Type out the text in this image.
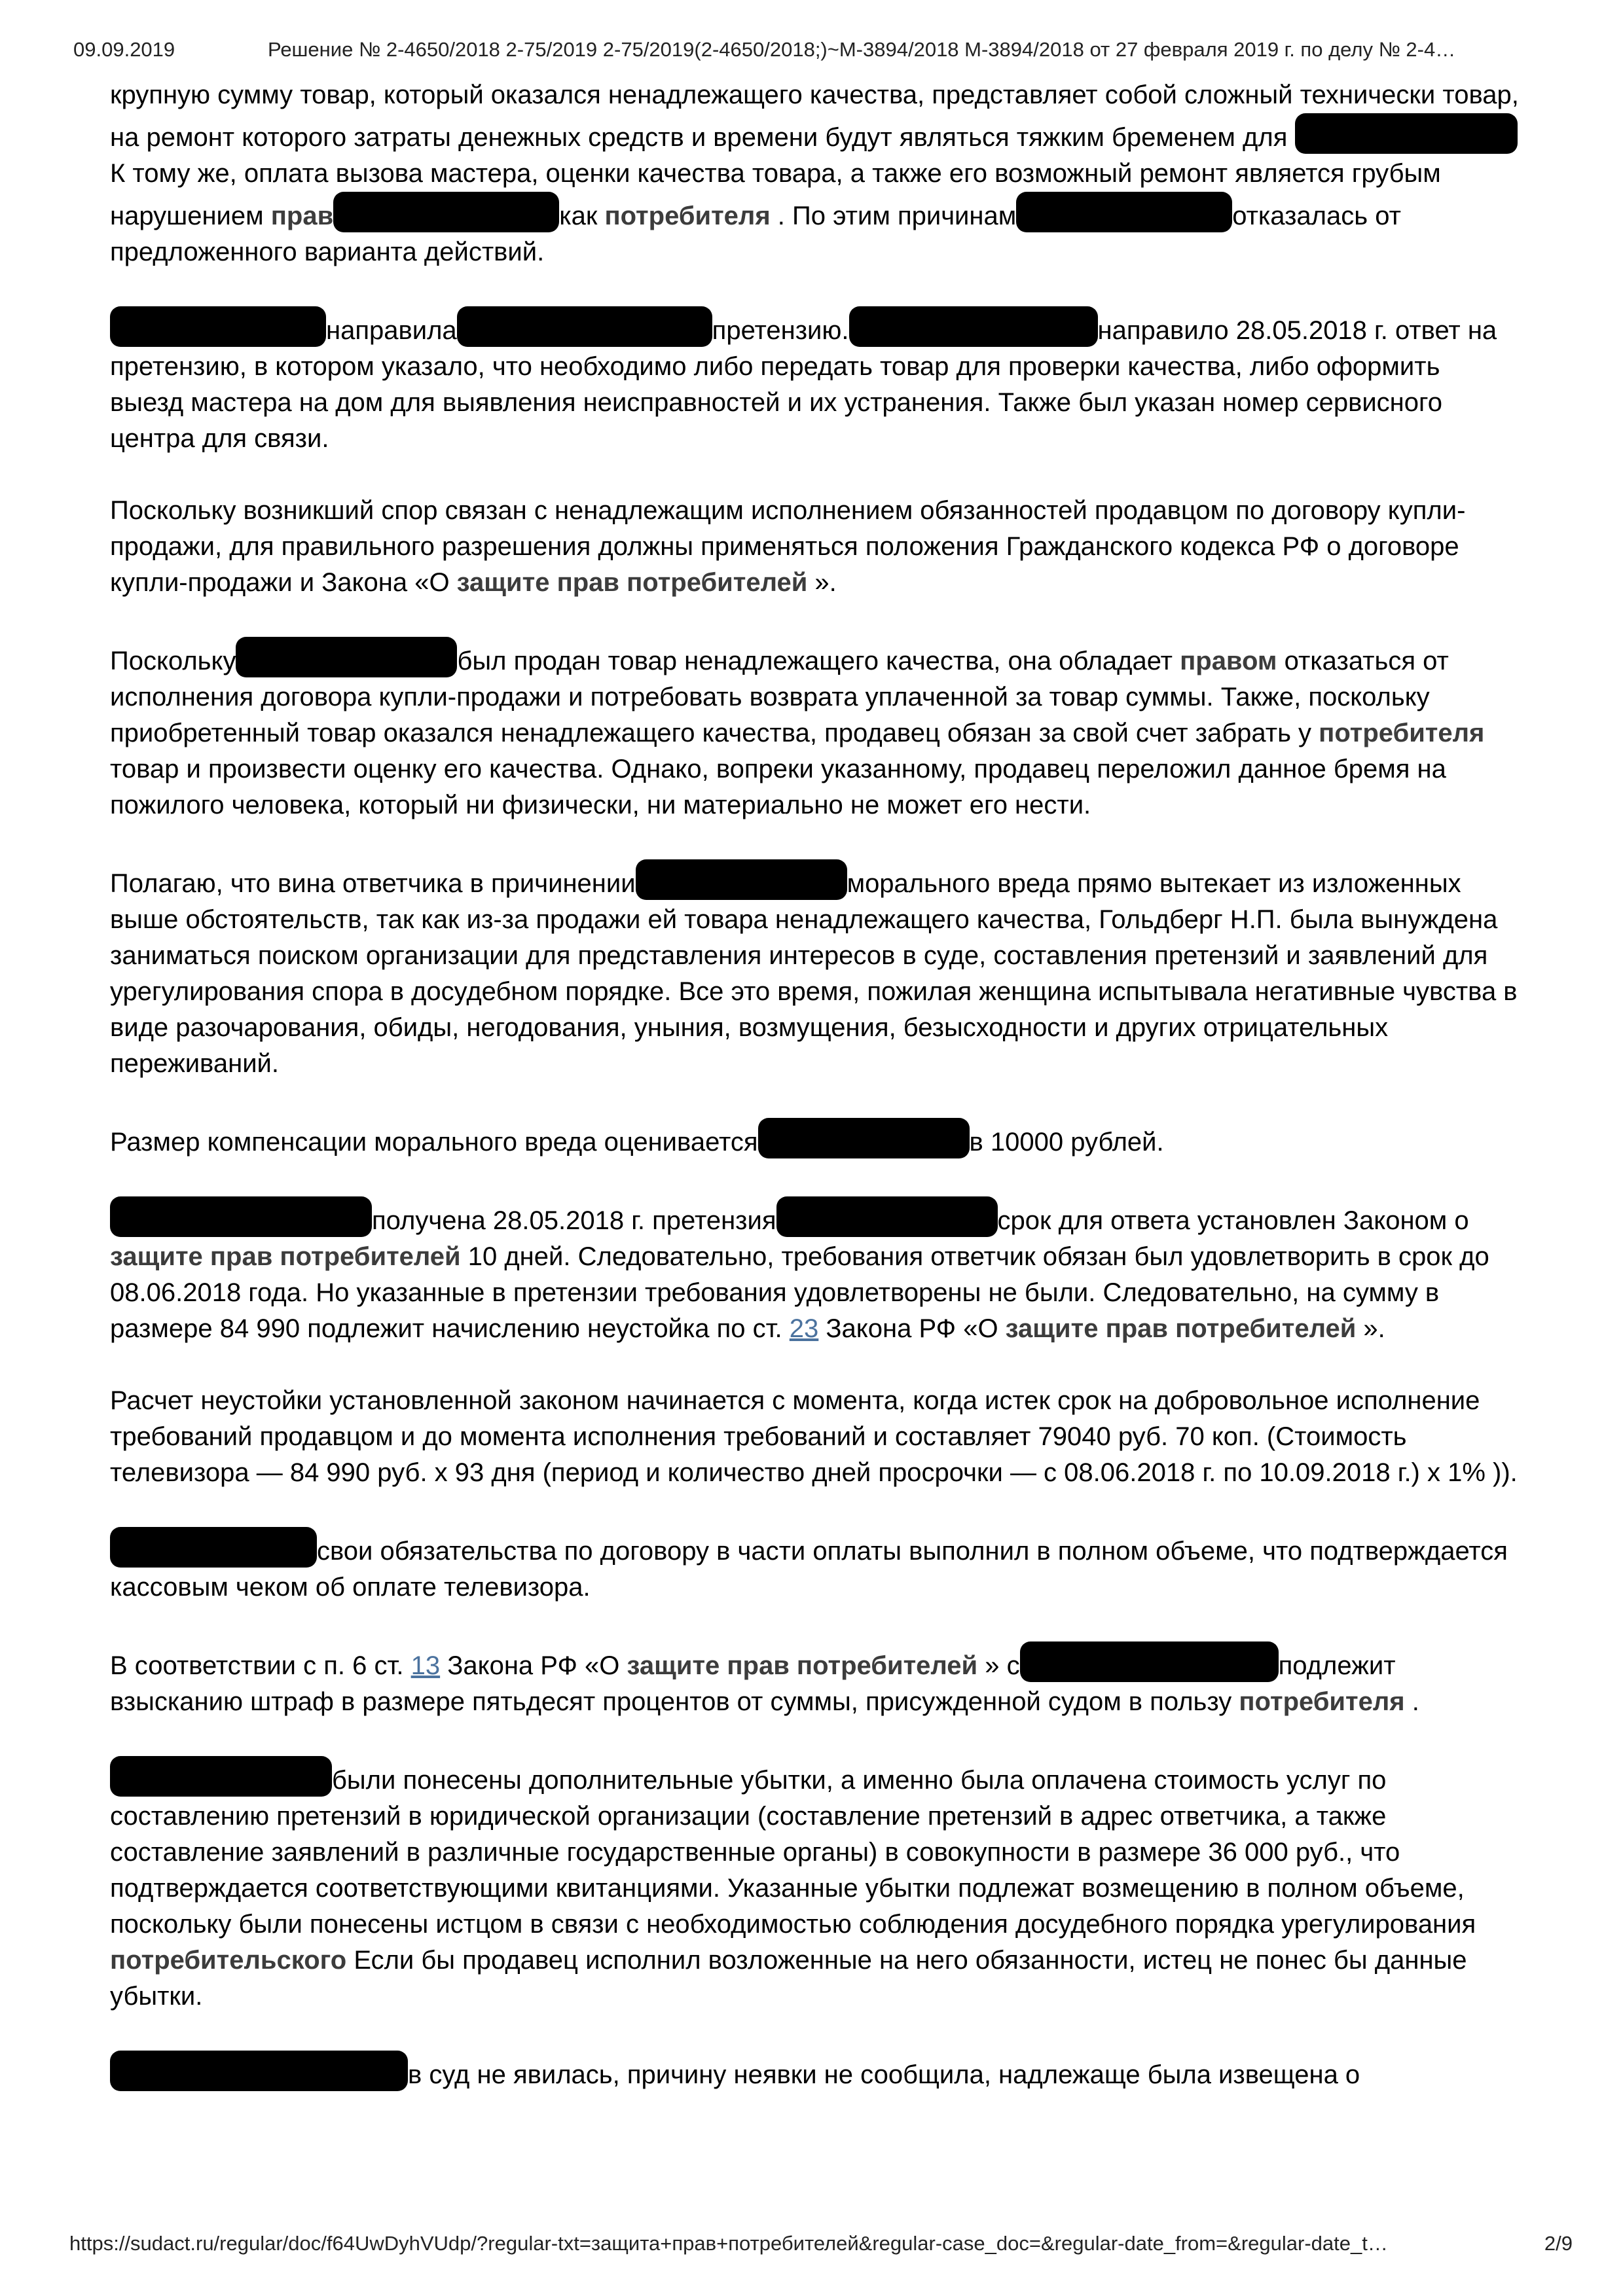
09.09.2019	Решение № 2-4650/2018 2-75/2019 2-75/2019(2-4650/2018;)~М-3894/2018 М-3894/2018 от 27 февраля 2019 г. по делу № 2-4…

крупную сумму товар, который оказался ненадлежащего качества, представляет собой сложный технически товар, на ремонт которого затраты денежных средств и времени будут являться тяжким бременем для К тому же, оплата вызова мастера, оценки качества товара, а также его возможный ремонт является грубым нарушением прав	как потребителя . По этим причинам	отказалась от предложенного варианта действий.

направила	претензию.	направило 28.05.2018 г. ответ на претензию, в котором указало, что необходимо либо передать товар для проверки качества, либо оформить выезд мастера на дом для выявления неисправностей и их устранения. Также был указан номер сервисного центра для связи.

Поскольку возникший спор связан с ненадлежащим исполнением обязанностей продавцом по договору купли-продажи, для правильного разрешения должны применяться положения Гражданского кодекса РФ о договоре купли-продажи и Закона «О защите прав потребителей ».

Поскольку	был продан товар ненадлежащего качества, она обладает правом отказаться от исполнения договора купли-продажи и потребовать возврата уплаченной за товар суммы. Также, поскольку приобретенный товар оказался ненадлежащего качества, продавец обязан за свой счет забрать у потребителя товар и произвести оценку его качества. Однако, вопреки указанному, продавец переложил данное бремя на пожилого человека, который ни физически, ни материально не может его нести.

Полагаю, что вина ответчика в причинении	морального вреда прямо вытекает из изложенных выше обстоятельств, так как из-за продажи ей товара ненадлежащего качества, Гольдберг Н.П. была вынуждена заниматься поиском организации для представления интересов в суде, составления претензий и заявлений для урегулирования спора в досудебном порядке. Все это время, пожилая женщина испытывала негативные чувства в виде разочарования, обиды, негодования, уныния, возмущения, безысходности и других отрицательных переживаний.

Размер компенсации морального вреда оценивается	в 10000 рублей.

получена 28.05.2018 г. претензия	срок для ответа установлен Законом о защите прав потребителей 10 дней. Следовательно, требования ответчик обязан был удовлетворить в срок до 08.06.2018 года. Но указанные в претензии требования удовлетворены не были. Следовательно, на сумму в размере 84 990 подлежит начислению неустойка по ст. 23 Закона РФ «О защите прав потребителей ».

Расчет неустойки установленной законом начинается с момента, когда истек срок на добровольное исполнение требований продавцом и до момента исполнения требований и составляет 79040 руб. 70 коп. (Стоимость телевизора — 84 990 руб. х 93 дня (период и количество дней просрочки — с 08.06.2018 г. по 10.09.2018 г.) х 1% )).

свои обязательства по договору в части оплаты выполнил в полном объеме, что подтверждается кассовым чеком об оплате телевизора.

В соответствии с п. 6 ст. 13 Закона РФ «О защите прав потребителей » с	подлежит взысканию штраф в размере пятьдесят процентов от суммы, присужденной судом в пользу потребителя .

были понесены дополнительные убытки, а именно была оплачена стоимость услуг по составлению претензий в юридической организации (составление претензий в адрес ответчика, а также составление заявлений в различные государственные органы) в совокупности в размере 36 000 руб., что подтверждается соответствующими квитанциями. Указанные убытки подлежат возмещению в полном объеме, поскольку были понесены истцом в связи с необходимостью соблюдения досудебного порядка урегулирования потребительского Если бы продавец исполнил возложенные на него обязанности, истец не понес бы данные убытки.

в суд не явилась, причину неявки не сообщила, надлежаще была извещена о

https://sudact.ru/regular/doc/f64UwDyhVUdp/?regular-txt=защита+прав+потребителей&regular-case_doc=&regular-date_from=&regular-date_t…	2/9
